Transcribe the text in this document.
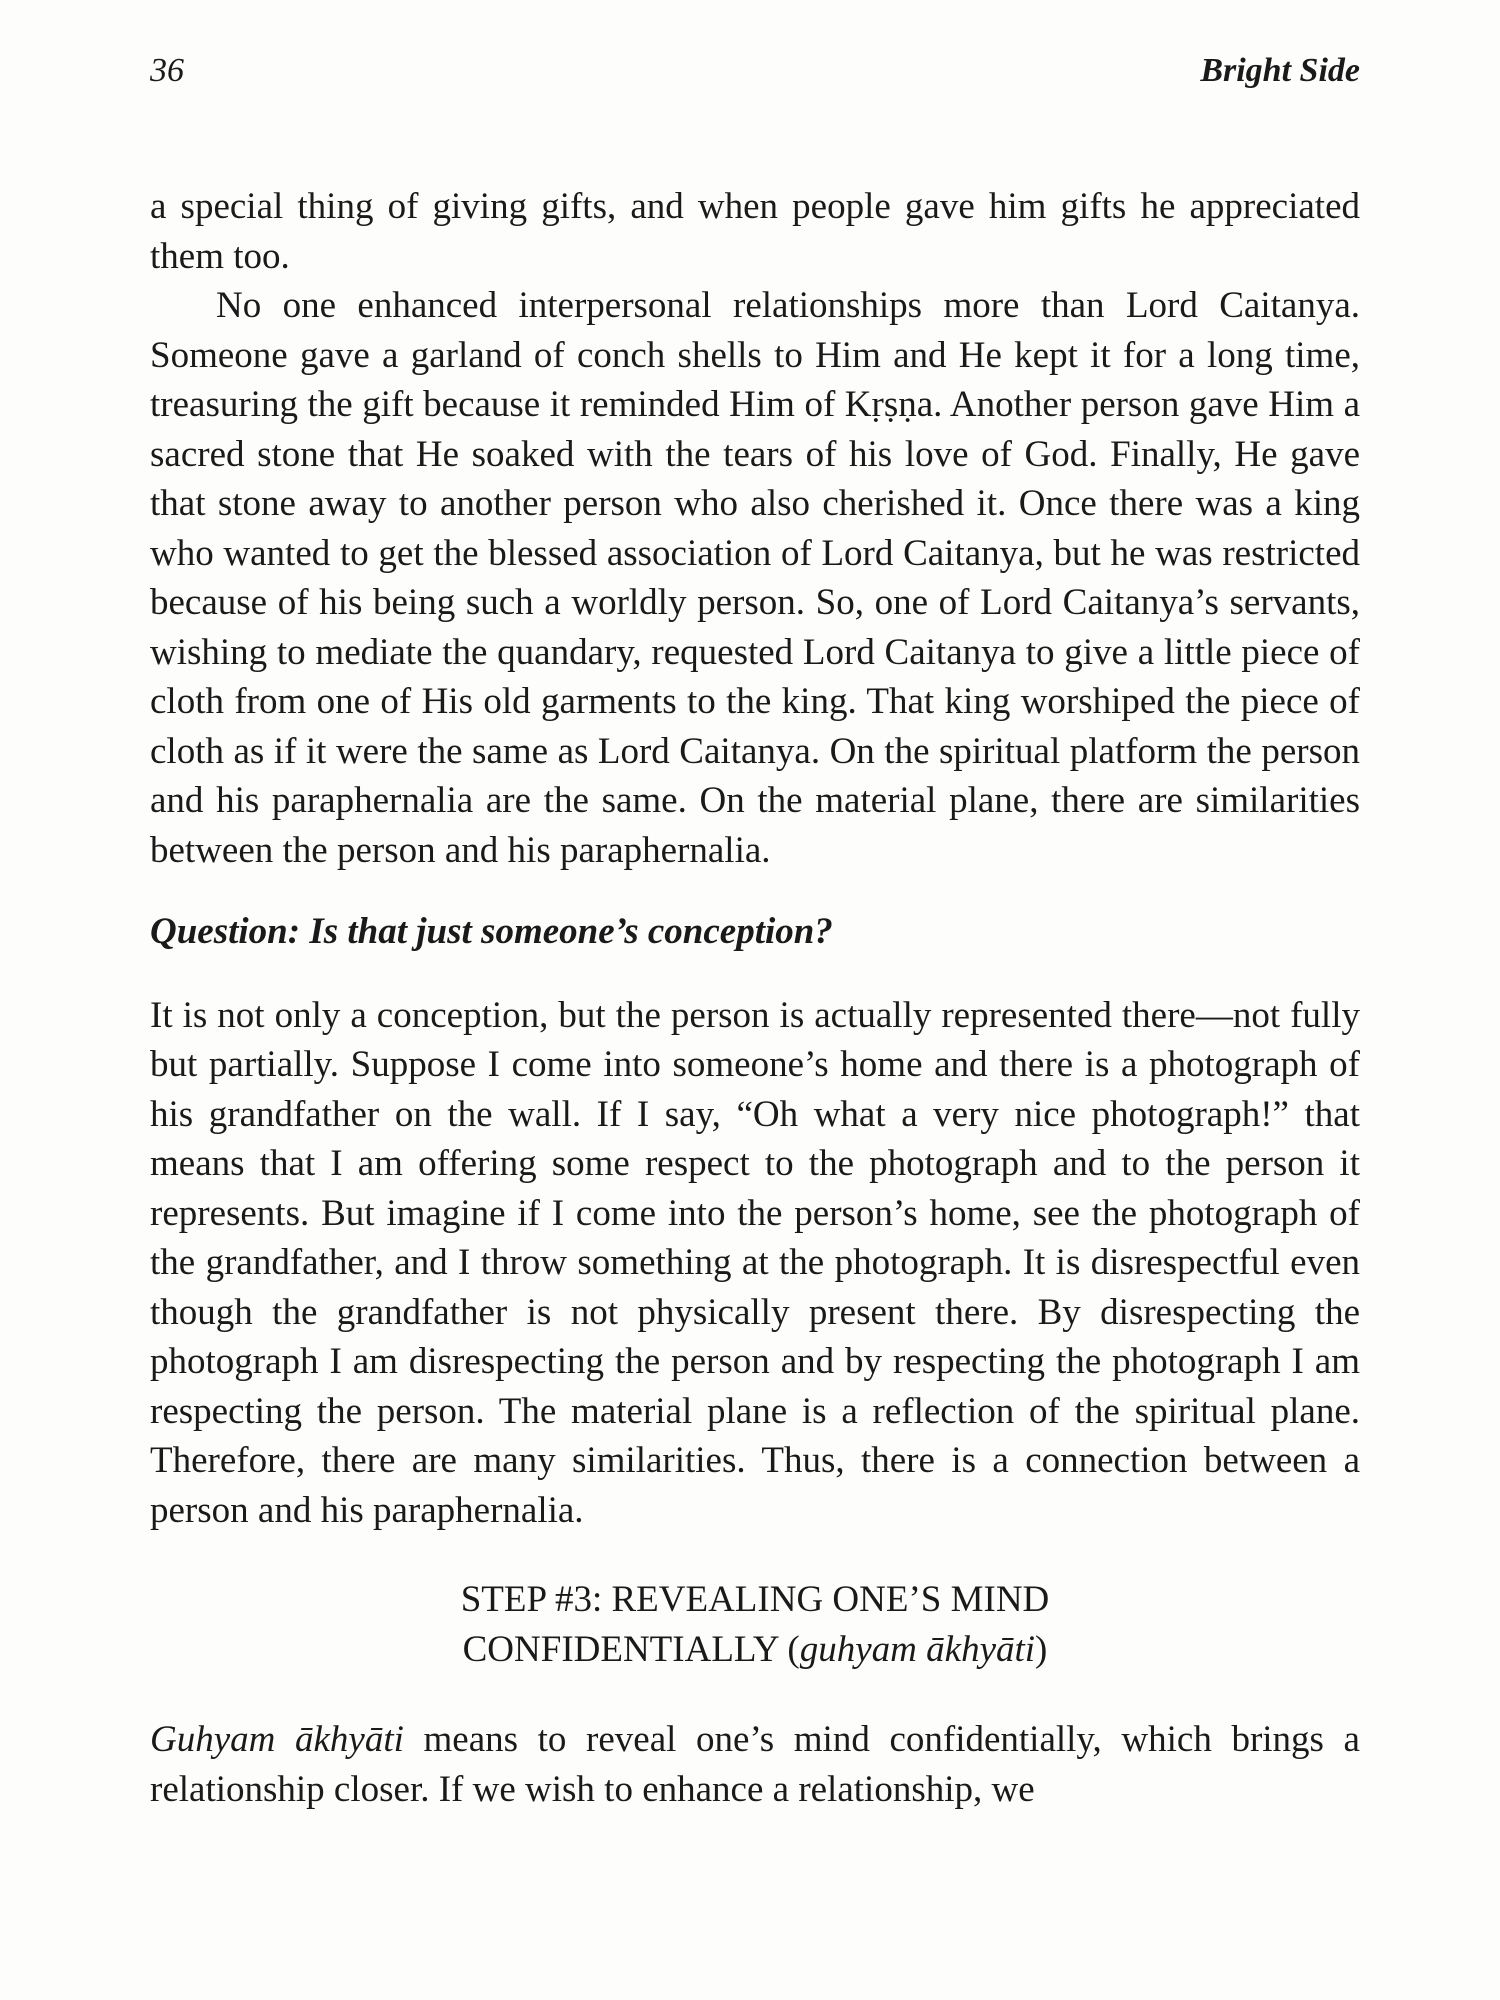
36	Bright Side

a special thing of giving gifts, and when people gave him gifts he appreciated them too.

No one enhanced interpersonal relationships more than Lord Caitanya. Someone gave a garland of conch shells to Him and He kept it for a long time, treasuring the gift because it reminded Him of Kṛṣṇa. Another person gave Him a sacred stone that He soaked with the tears of his love of God. Finally, He gave that stone away to another person who also cherished it. Once there was a king who wanted to get the blessed association of Lord Caitanya, but he was restricted because of his being such a worldly person. So, one of Lord Caitanya’s servants, wishing to mediate the quandary, requested Lord Caitanya to give a little piece of cloth from one of His old garments to the king. That king worshiped the piece of cloth as if it were the same as Lord Caitanya. On the spiritual platform the person and his paraphernalia are the same. On the material plane, there are similarities between the person and his paraphernalia.

Question: Is that just someone’s conception?

It is not only a conception, but the person is actually represented there—not fully but partially. Suppose I come into someone’s home and there is a photograph of his grandfather on the wall. If I say, “Oh what a very nice photograph!” that means that I am offering some respect to the photograph and to the person it represents. But imagine if I come into the person’s home, see the photograph of the grandfather, and I throw something at the photograph. It is disrespectful even though the grandfather is not physically present there. By disrespecting the photograph I am disrespecting the person and by respecting the photograph I am respecting the person. The material plane is a reflection of the spiritual plane. Therefore, there are many similarities. Thus, there is a connection between a person and his paraphernalia.

STEP #3: REVEALING ONE’S MIND
CONFIDENTIALLY (guhyam ākhyāti)

Guhyam ākhyāti means to reveal one’s mind confidentially, which brings a relationship closer. If we wish to enhance a relationship, we
